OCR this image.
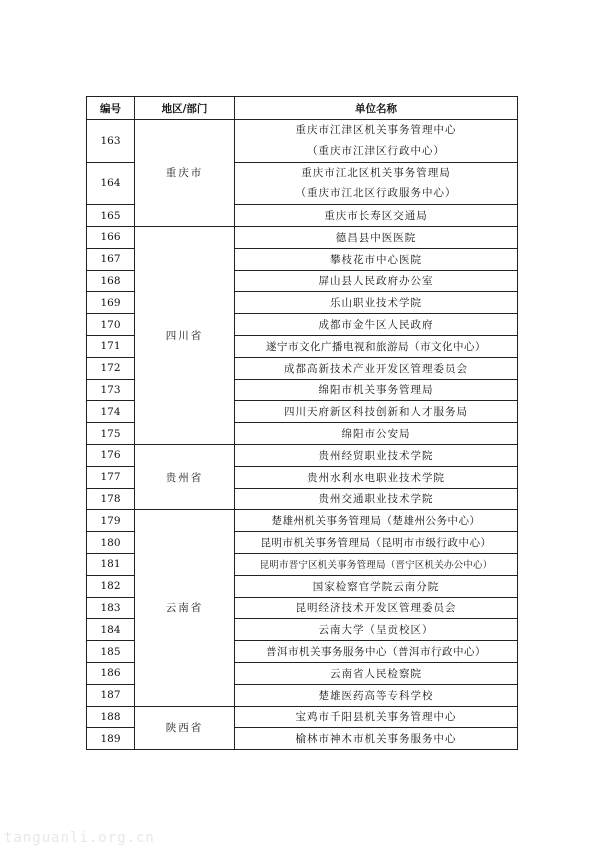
编号	地区/部门	单位名称
163	重庆市	重庆市江津区机关事务管理中心
（重庆市江津区行政中心）

164		重庆市江北区机关事务管理局
（重庆市江北区行政服务中心）

165		重庆市长寿区交通局
166	四川省	德昌县中医医院
167		攀枝花市中心医院
168		屏山县人民政府办公室
169		乐山职业技术学院
170		成都市金牛区人民政府
171		遂宁市文化广播电视和旅游局（市文化中心）
172		成都高新技术产业开发区管理委员会
173		绵阳市机关事务管理局
174		四川天府新区科技创新和人才服务局
175		绵阳市公安局
176	贵州省	贵州经贸职业技术学院
177		贵州水利水电职业技术学院
178		贵州交通职业技术学院
179	云南省	楚雄州机关事务管理局（楚雄州公务中心）
180		昆明市机关事务管理局（昆明市市级行政中心）
181		昆明市晋宁区机关事务管理局（晋宁区机关办公中心）
182		国家检察官学院云南分院
183		昆明经济技术开发区管理委员会
184		云南大学（呈贡校区）
185		普洱市机关事务服务中心（普洱市行政中心）
186		云南省人民检察院
187		楚雄医药高等专科学校
188	陕西省	宝鸡市千阳县机关事务管理中心
189		榆林市神木市机关事务服务中心
tanguanli.org.cn
